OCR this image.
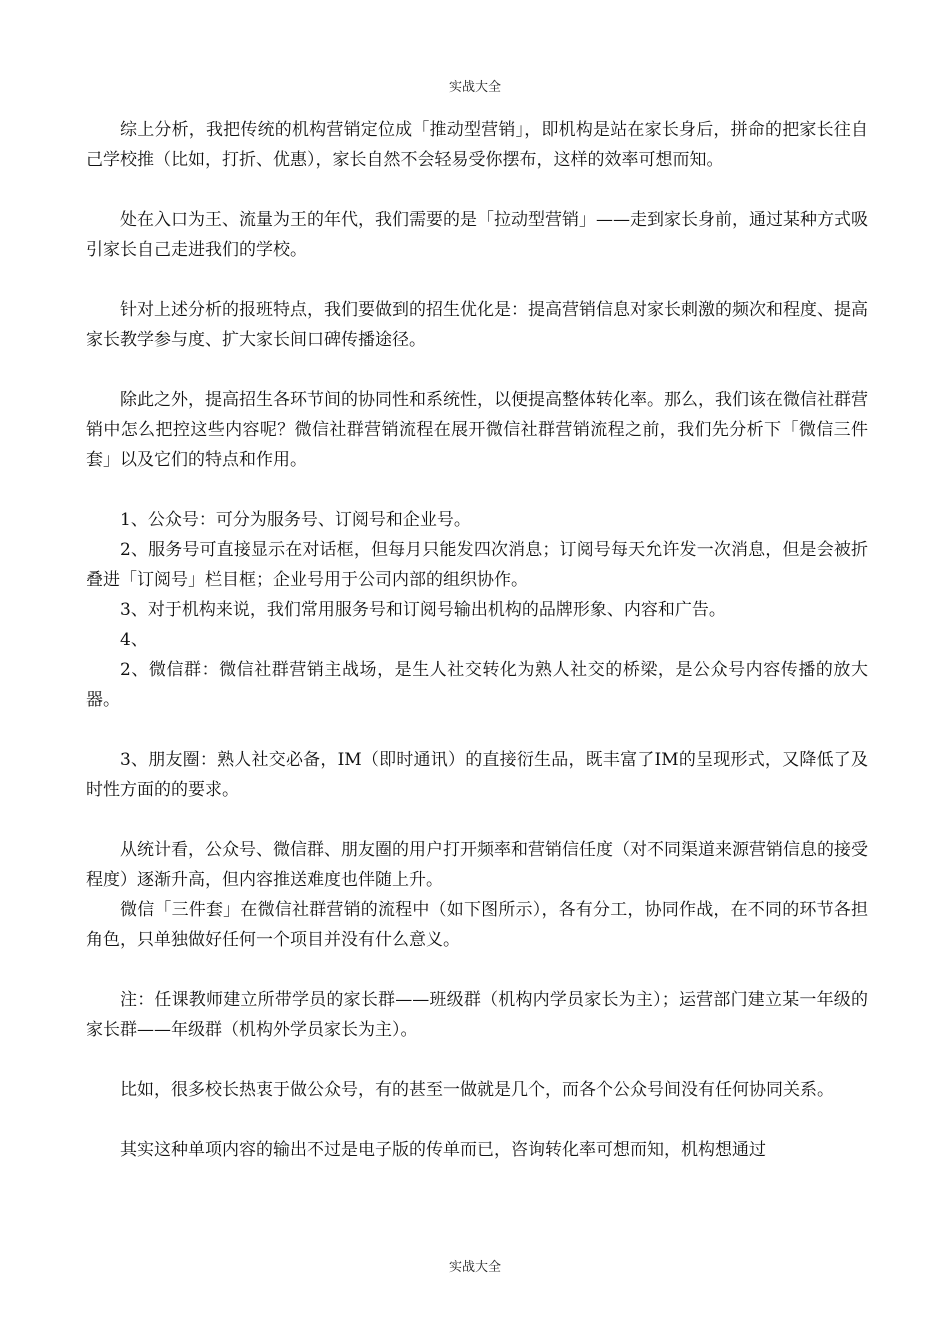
实战大全

综上分析，我把传统的机构营销定位成「推动型营销」，即机构是站在家长身后，拼命的把家长往自己学校推（比如，打折、优惠），家长自然不会轻易受你摆布，这样的效率可想而知。

处在入口为王、流量为王的年代，我们需要的是「拉动型营销」——走到家长身前，通过某种方式吸引家长自己走进我们的学校。

针对上述分析的报班特点，我们要做到的招生优化是：提高营销信息对家长刺激的频次和程度、提高家长教学参与度、扩大家长间口碑传播途径。

除此之外，提高招生各环节间的协同性和系统性，以便提高整体转化率。那么，我们该在微信社群营销中怎么把控这些内容呢？微信社群营销流程在展开微信社群营销流程之前，我们先分析下「微信三件套」以及它们的特点和作用。

1、公众号：可分为服务号、订阅号和企业号。

2、服务号可直接显示在对话框，但每月只能发四次消息；订阅号每天允许发一次消息，但是会被折叠进「订阅号」栏目框；企业号用于公司内部的组织协作。

3、对于机构来说，我们常用服务号和订阅号输出机构的品牌形象、内容和广告。

4、

2、微信群：微信社群营销主战场，是生人社交转化为熟人社交的桥梁，是公众号内容传播的放大器。

3、朋友圈：熟人社交必备，IM（即时通讯）的直接衍生品，既丰富了IM的呈现形式，又降低了及时性方面的的要求。

从统计看，公众号、微信群、朋友圈的用户打开频率和营销信任度（对不同渠道来源营销信息的接受程度）逐渐升高，但内容推送难度也伴随上升。

微信「三件套」在微信社群营销的流程中（如下图所示），各有分工，协同作战，在不同的环节各担角色，只单独做好任何一个项目并没有什么意义。

注：任课教师建立所带学员的家长群——班级群（机构内学员家长为主）；运营部门建立某一年级的家长群——年级群（机构外学员家长为主）。

比如，很多校长热衷于做公众号，有的甚至一做就是几个，而各个公众号间没有任何协同关系。

其实这种单项内容的输出不过是电子版的传单而已，咨询转化率可想而知，机构想通过

实战大全
